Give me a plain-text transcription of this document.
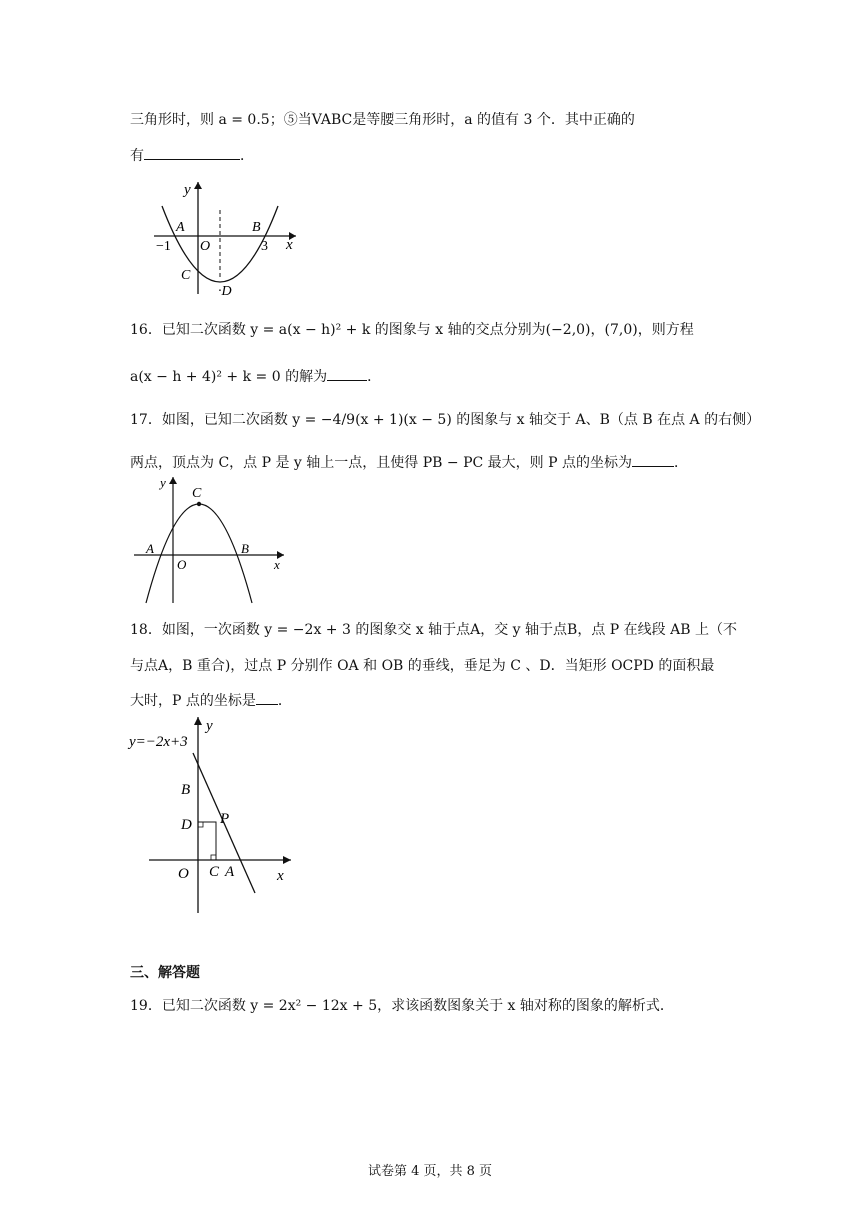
三角形时，则 a = 0.5；⑤当VABC是等腰三角形时，a 的值有 3 个．其中正确的
有	．
y
x
A	B
O
−1	3
C
·D
16．已知二次函数 y = a(x − h)² + k 的图象与 x 轴的交点分别为(−2,0)，(7,0)，则方程
a(x − h + 4)² + k = 0 的解为	．
17．如图，已知二次函数 y = −4/9(x + 1)(x − 5) 的图象与 x 轴交于 A、B（点 B 在点 A 的右侧）
两点，顶点为 C，点 P 是 y 轴上一点，且使得 PB − PC 最大，则 P 点的坐标为	．
y
x
C
A	B
O
18．如图，一次函数 y = −2x + 3 的图象交 x 轴于点A，交 y 轴于点B，点 P 在线段 AB 上（不
与点A，B 重合)，过点 P 分别作 OA 和 OB 的垂线，垂足为 C 、D．当矩形 OCPD 的面积最
大时，P 点的坐标是 ．
y=−2x+3
y
x
B
D P
O C A
三、解答题
19．已知二次函数 y = 2x² − 12x + 5，求该函数图象关于 x 轴对称的图象的解析式．
试卷第 4 页，共 8 页
